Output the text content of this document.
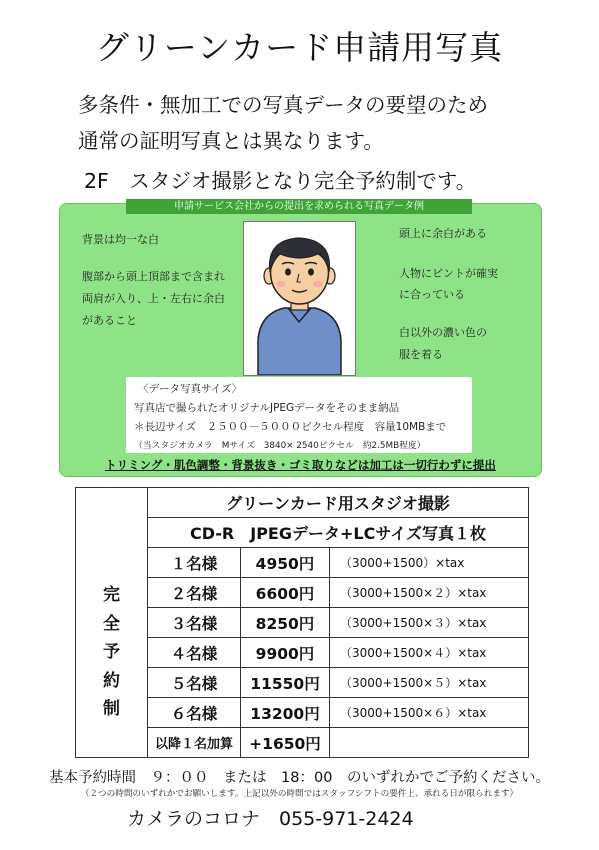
グリーンカード申請用写真
多条件・無加工での写真データの要望のため
通常の証明写真とは異なります。
2F　スタジオ撮影となり完全予約制です。
申請サービス会社からの提出を求められる写真データ例
背景は均一な白
腹部から頭上頂部まで含まれ
両肩が入り、上・左右に余白
があること
頭上に余白がある
人物にピントが確実
に合っている
白以外の濃い色の
服を着る
〈データ写真サイズ〉
写真店で撮られたオリジナルJPEGデータをそのまま納品
＊長辺サイズ　２５００－５０００ピクセル程度　容量10MBまで
（当スタジオカメラ　Mサイズ　3840× 2540ピクセル　約2.5MB程度）
トリミング・肌色調整・背景抜き・ゴミ取りなどは加工は一切行わずに提出
	グリーンカード用スタジオ撮影		
	CD-R　JPEGデータ+LCサイズ写真１枚		
完
全
予
約
制	１名様	4950円	（3000+1500）×tax
	２名様	6600円	（3000+1500×２）×tax
	３名様	8250円	（3000+1500×３）×tax
	４名様	9900円	（3000+1500×４）×tax
	５名様	11550円	（3000+1500×５）×tax
	６名様	13200円	（3000+1500×６）×tax
	以降１名加算	+1650円	
基本予約時間　９：００　または　18：00　のいずれかでご予約ください。
（２つの時間のいずれかでお願いします。上記以外の時間ではスタッフシフトの要件上、承れる日が限られます）
カメラのコロナ　055-971-2424
